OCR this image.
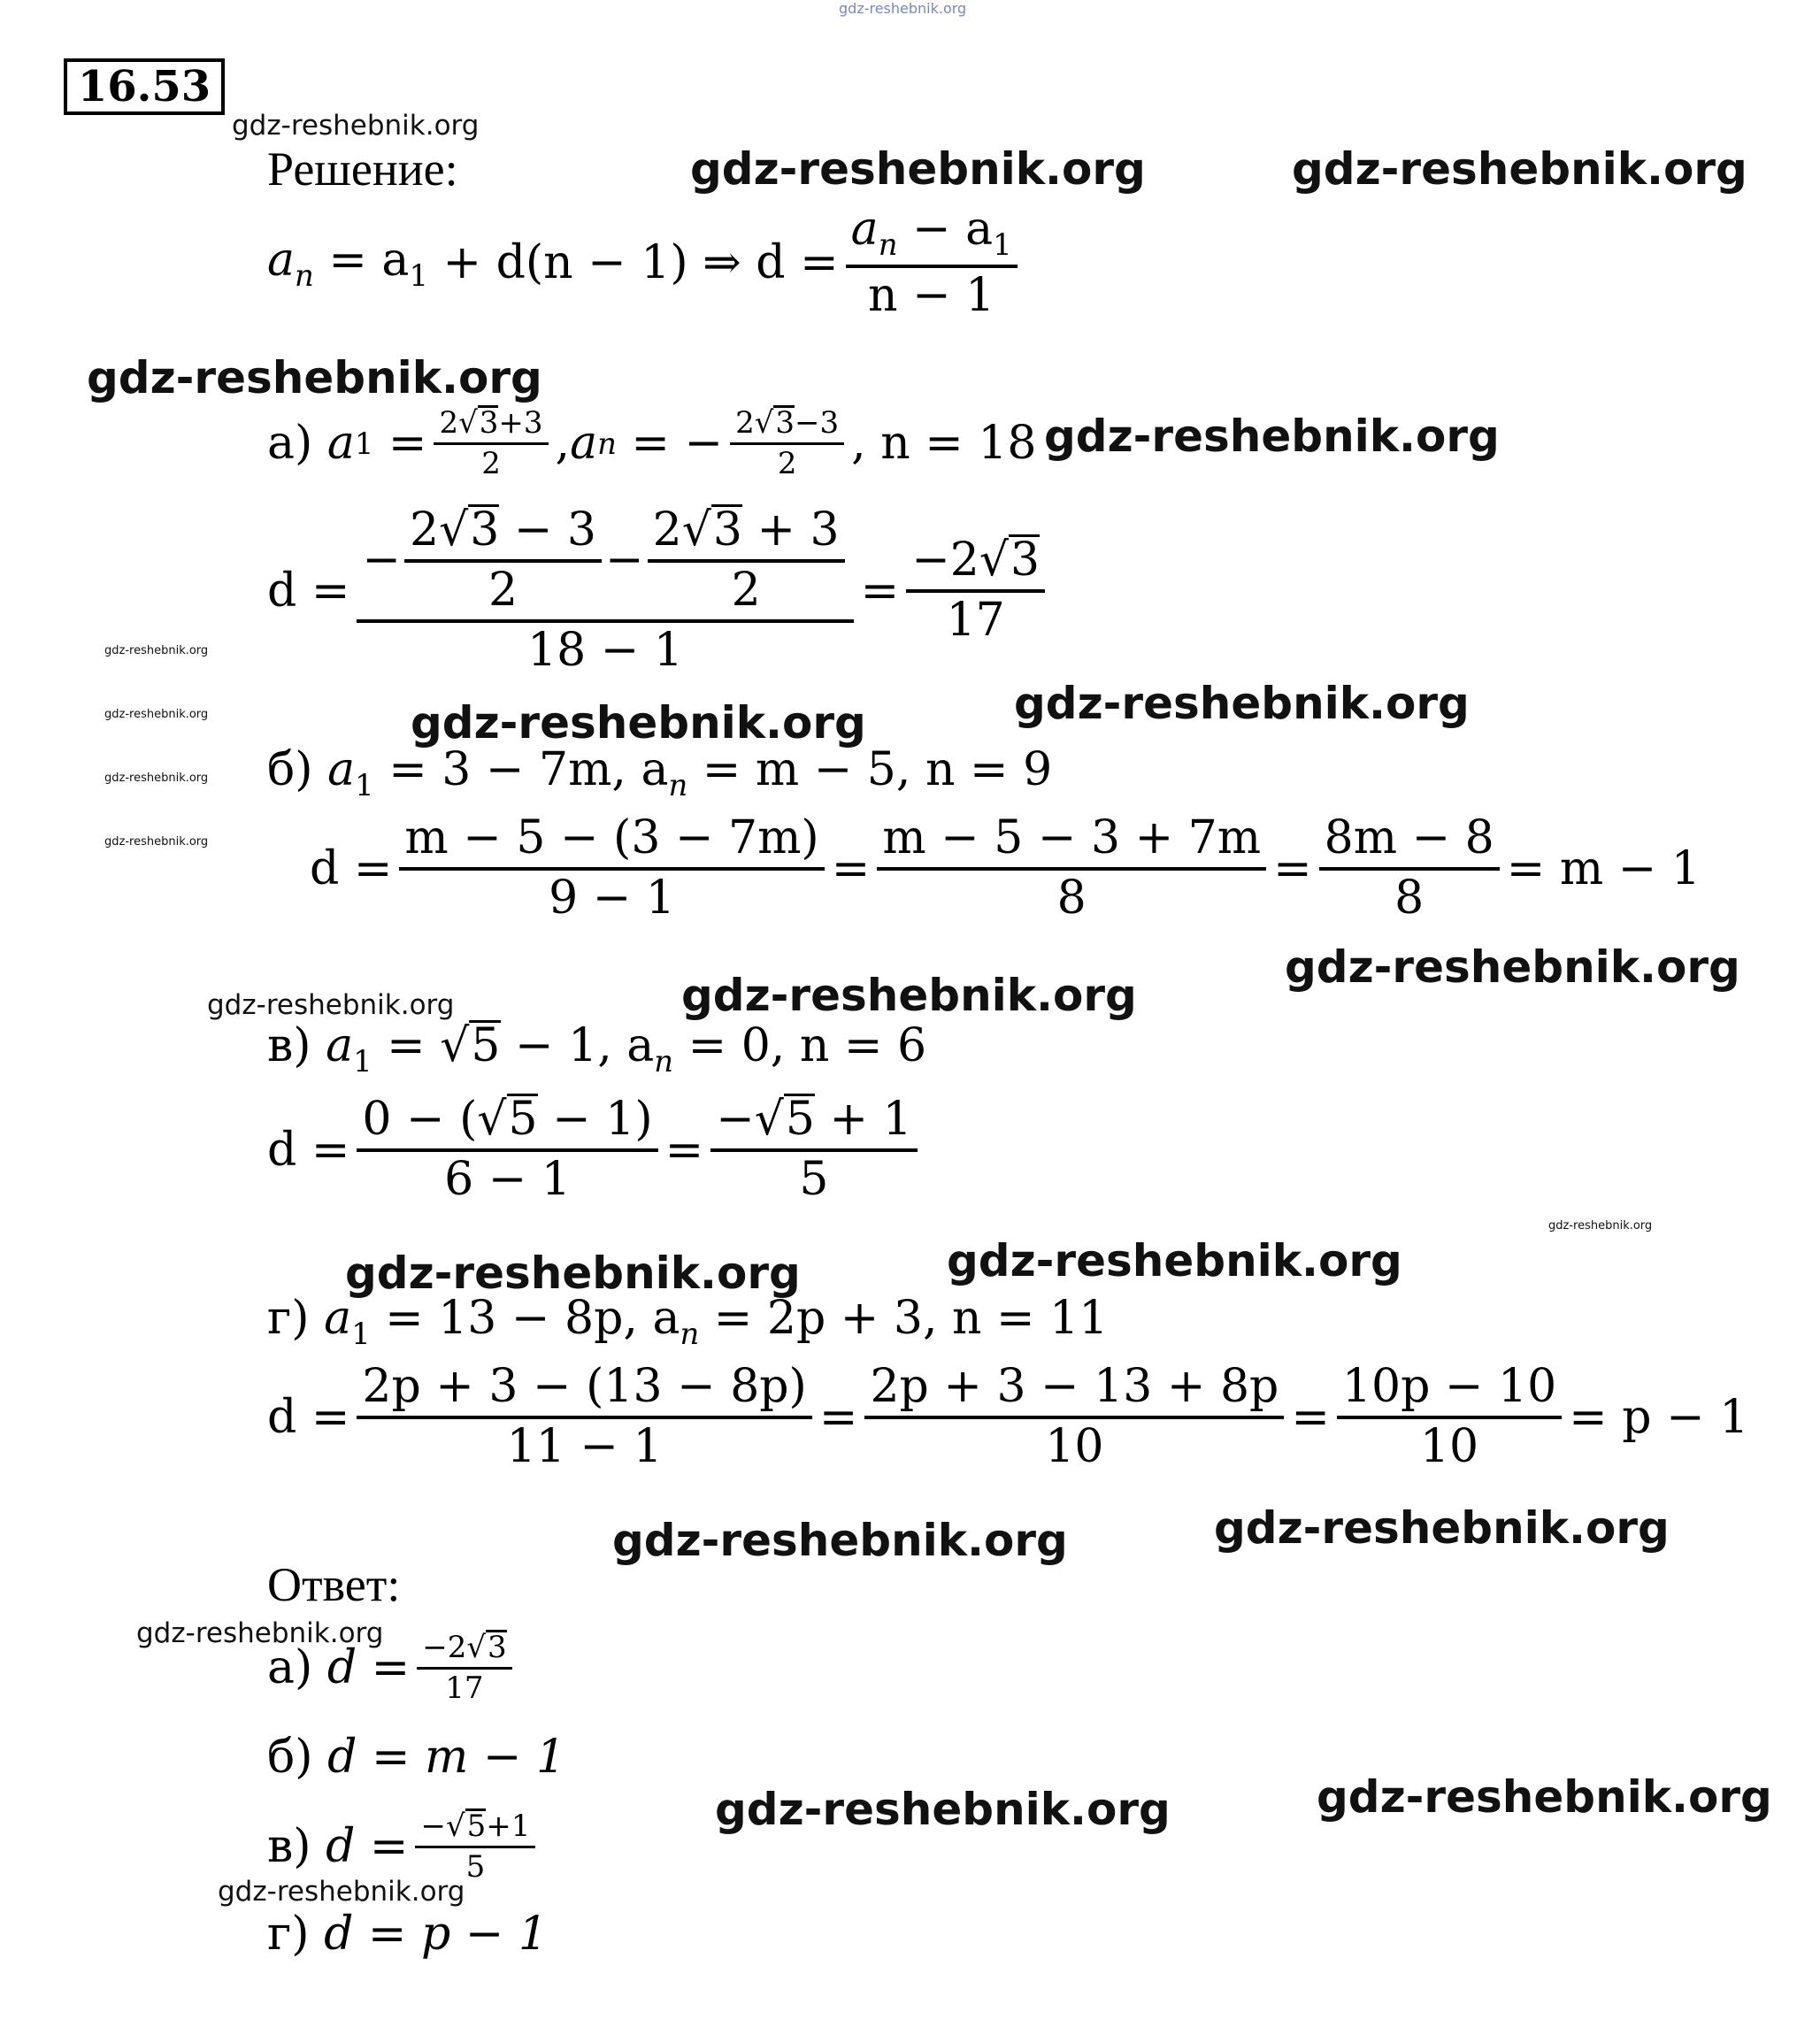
gdz-reshebnik.org
16.53
gdz-reshebnik.org
gdz-reshebnik.org	gdz-reshebnik.org
gdz-reshebnik.org
gdz-reshebnik.org
gdz-reshebnik.org
gdz-reshebnik.org
gdz-reshebnik.org
gdz-reshebnik.org
gdz-reshebnik.org
gdz-reshebnik.org
gdz-reshebnik.org
gdz-reshebnik.org	gdz-reshebnik.org
gdz-reshebnik.org
gdz-reshebnik.org
gdz-reshebnik.org
gdz-reshebnik.org
gdz-reshebnik.org
gdz-reshebnik.org
gdz-reshebnik.org
gdz-reshebnik.org
gdz-reshebnik.org
Решение:
$a_n = a_1 + d(n - 1)$ ⇒ $d = \frac{a_n - a_1}{n - 1}$
а)
a $1 = \frac{2√3+3}{2}$ , a n = − $\frac{2√3-3}{2}$ , n = 18
d =
− $\frac{2√3 - 3}{2} - \frac{2√3 + 3}{2}$
18 − 1
= $\frac{-2√3}{17}$
б) $a_1 = 3 - 7m$, $a_n = m - 5$, n = 9
$d = \frac{m - 5 - (3 - 7m)}{9 - 1} = \frac{m - 5 - 3 + 7m}{8} = \frac{8m - 8}{8} = m - 1$
в) $a_1 = √5 - 1$, $a_n = 0$, n = 6
$d = \frac{0 - (√5 - 1)}{6 - 1} = \frac{-√5 + 1}{5}$
г) $a_1 = 13 - 8p$, $a_n = 2p + 3$, n = 11
$d = \frac{2p + 3 - (13 - 8p)}{11 - 1} = \frac{2p + 3 - 13 + 8p}{10} = \frac{10p - 10}{10} = p - 1$
Ответ:
а)
$d = \frac{-2√3}{17}$
б) d = m − 1
в)
$d = \frac{-√5+1}{5}$
г) d = p − 1
